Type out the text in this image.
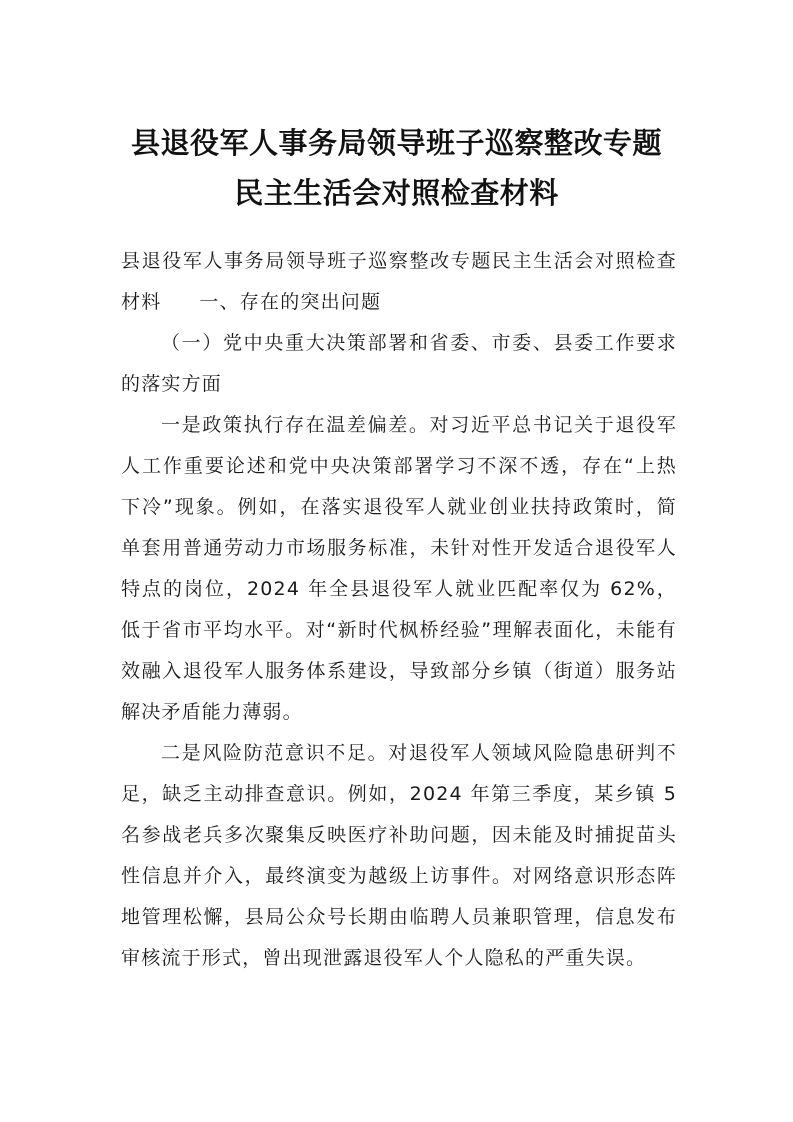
县退役军人事务局领导班子巡察整改专题
民主生活会对照检查材料

县退役军人事务局领导班子巡察整改专题民主生活会对照检查材料 一、存在的突出问题

（一）党中央重大决策部署和省委、市委、县委工作要求的落实方面

一是政策执行存在温差偏差。对习近平总书记关于退役军人工作重要论述和党中央决策部署学习不深不透，存在“上热下冷”现象。例如，在落实退役军人就业创业扶持政策时，简单套用普通劳动力市场服务标准，未针对性开发适合退役军人特点的岗位，2024 年全县退役军人就业匹配率仅为 62%，低于省市平均水平。对“新时代枫桥经验”理解表面化，未能有效融入退役军人服务体系建设，导致部分乡镇（街道）服务站解决矛盾能力薄弱。

二是风险防范意识不足。对退役军人领域风险隐患研判不足，缺乏主动排查意识。例如，2024 年第三季度，某乡镇 5 名参战老兵多次聚集反映医疗补助问题，因未能及时捕捉苗头性信息并介入，最终演变为越级上访事件。对网络意识形态阵地管理松懈，县局公众号长期由临聘人员兼职管理，信息发布审核流于形式，曾出现泄露退役军人个人隐私的严重失误。
